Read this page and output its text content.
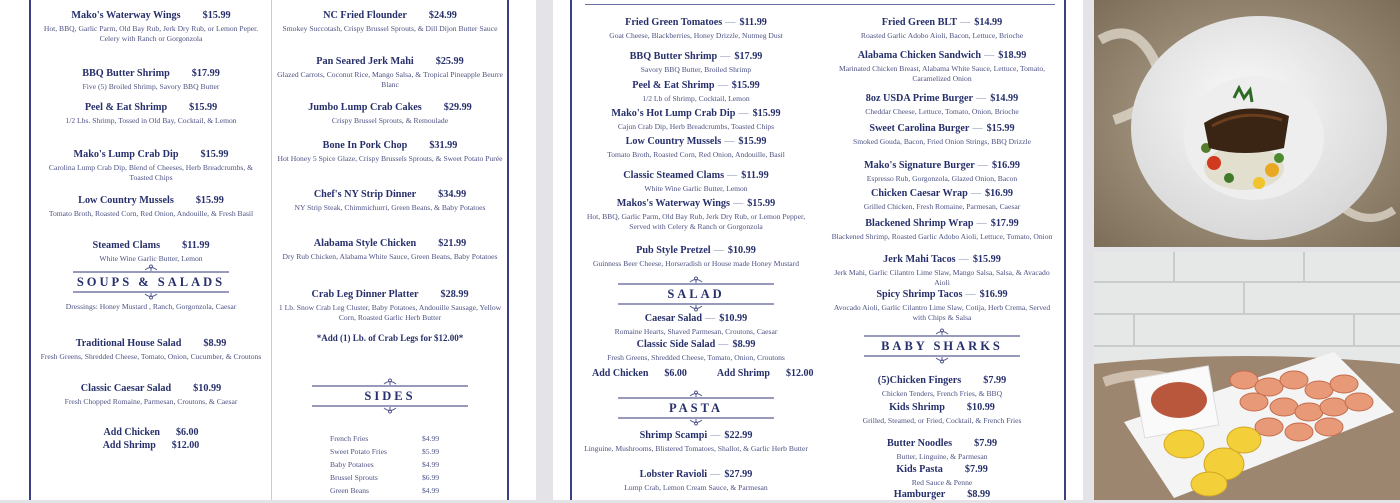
Mako's Waterway Wings $15.99
Hot, BBQ, Garlic Parm, Old Bay Rub, Jerk Dry Rub, or Lemon Peper. Celery with Ranch or Gorgonzola
BBQ Butter Shrimp $17.99
Five (5) Broiled Shrimp, Savory BBQ Butter
Peel & Eat Shrimp $15.99
1/2 Lbs. Shrimp, Tossed in Old Bay, Cocktail, & Lemon
Mako's Lump Crab Dip $15.99
Carolina Lump Crab Dip, Blend of Cheeses, Herb Breadcrumbs, & Toasted Chips
Low Country Mussels $15.99
Tomato Broth, Roasted Corn, Red Onion, Andouille, & Fresh Basil
Steamed Clams $11.99
White Wine Garlic Butter, Lemon
Traditional House Salad $8.99
Fresh Greens, Shredded Cheese, Tomato, Onion, Cucumber, & Croutons
Classic Caesar Salad $10.99
Fresh Chopped Romaine, Parmesan, Croutons, & Caesar
SOUPS & SALADS
Dressings: Honey Mustard , Ranch, Gorgonzola, Caesar
Add Chicken $6.00
Add Shrimp $12.00
NC Fried Flounder $24.99
Smokey Succotash, Crispy Brussel Sprouts, & Dill Dijon Butter Sauce
Pan Seared Jerk Mahi $25.99
Glazed Carrots, Coconut Rice, Mango Salsa, & Tropical Pineapple Beurre Blanc
Jumbo Lump Crab Cakes $29.99
Crispy Brussel Sprouts, & Remoulade
Bone In Pork Chop $31.99
Hot Honey 5 Spice Glaze, Crispy Brussels Sprouts, & Sweet Potato Purée
Chef's NY Strip Dinner $34.99
NY Strip Steak, Chimmichurri, Green Beans, & Baby Potatoes
Alabama Style Chicken $21.99
Dry Rub Chicken, Alabama White Sauce, Green Beans, Baby Potatoes
Crab Leg Dinner Platter $28.99
1 Lb. Snow Crab Leg Cluster, Baby Potatoes, Andouille Sausage, Yellow Corn, Roasted Garlic Herb Butter
*Add (1) Lb. of Crab Legs for $12.00*
SIDES
French Fries	$4.99
Sweet Potato Fries	$5.99
Baby Potatoes	$4.99
Brussel Sprouts	$6.99
Green Beans	$4.99
Fried Green Tomatoes — $11.99
Goat Cheese, Blackberries, Honey Drizzle, Nutmeg Dust
BBQ Butter Shrimp — $17.99
Savory BBQ Butter, Broiled Shrimp
Peel & Eat Shrimp — $15.99
1/2 Lb of Shrimp, Cocktail, Lemon
Mako's Hot Lump Crab Dip — $15.99
Cajun Crab Dip, Herb Breadcrumbs, Toasted Chips
Low Country Mussels — $15.99
Tomato Broth, Roasted Corn, Red Onion, Andouille, Basil
Classic Steamed Clams — $11.99
White Wine Garlic Butter, Lemon
Makos's Waterway Wings — $15.99
Hot, BBQ, Garlic Parm, Old Bay Rub, Jerk Dry Rub, or Lemon Pepper, Served with Celery & Ranch or Gorgonzola
Pub Style Pretzel — $10.99
Guinness Beer Cheese, Horseradish or House made Honey Mustard
Caesar Salad — $10.99
Romaine Hearts, Shaved Parmesan, Croutons, Caesar
Classic Side Salad — $8.99
Fresh Greens, Shredded Cheese, Tomato, Onion, Croutons
Shrimp Scampi — $22.99
Linguine, Mushrooms, Blistered Tomatoes, Shallot, & Garlic Herb Butter
Lobster Ravioli — $27.99
Lump Crab, Lemon Cream Sauce, & Parmesan
SALAD
Add Chicken $6.00	Add Shrimp $12.00
PASTA
Fried Green BLT — $14.99
Roasted Garlic Adobo Aioli, Bacon, Lettuce, Brioche
Alabama Chicken Sandwich — $18.99
Marinated Chicken Breast, Alabama White Sauce, Lettuce, Tomato, Caramelized Onion
8oz USDA Prime Burger — $14.99
Cheddar Cheese, Lettuce, Tomato, Onion, Brioche
Sweet Carolina Burger — $15.99
Smoked Gouda, Bacon, Fried Onion Strings, BBQ Drizzle
Mako's Signature Burger — $16.99
Espresso Rub, Gorgonzola, Glazed Onion, Bacon
Chicken Caesar Wrap — $16.99
Grilled Chicken, Fresh Romaine, Parmesan, Caesar
Blackened Shrimp Wrap — $17.99
Blackened Shrimp, Roasted Garlic Adobo Aioli, Lettuce, Tomato, Onion
Jerk Mahi Tacos — $15.99
Jerk Mahi, Garlic Cilantro Lime Slaw, Mango Salsa, Salsa, & Avacado Aioli
Spicy Shrimp Tacos — $16.99
Avocado Aioli, Garlic Cilantro Lime Slaw, Cotija, Herb Crema, Served with Chips & Salsa
BABY SHARKS
(5)Chicken Fingers $7.99
Chicken Tenders, French Fries, & BBQ
Kids Shrimp $10.99
Grilled, Steamed, or Fried, Cocktail, & French Fries
Butter Noodles $7.99
Butter, Linguine, & Parmesan
Kids Pasta $7.99
Red Sauce & Penne
Hamburger $8.99
